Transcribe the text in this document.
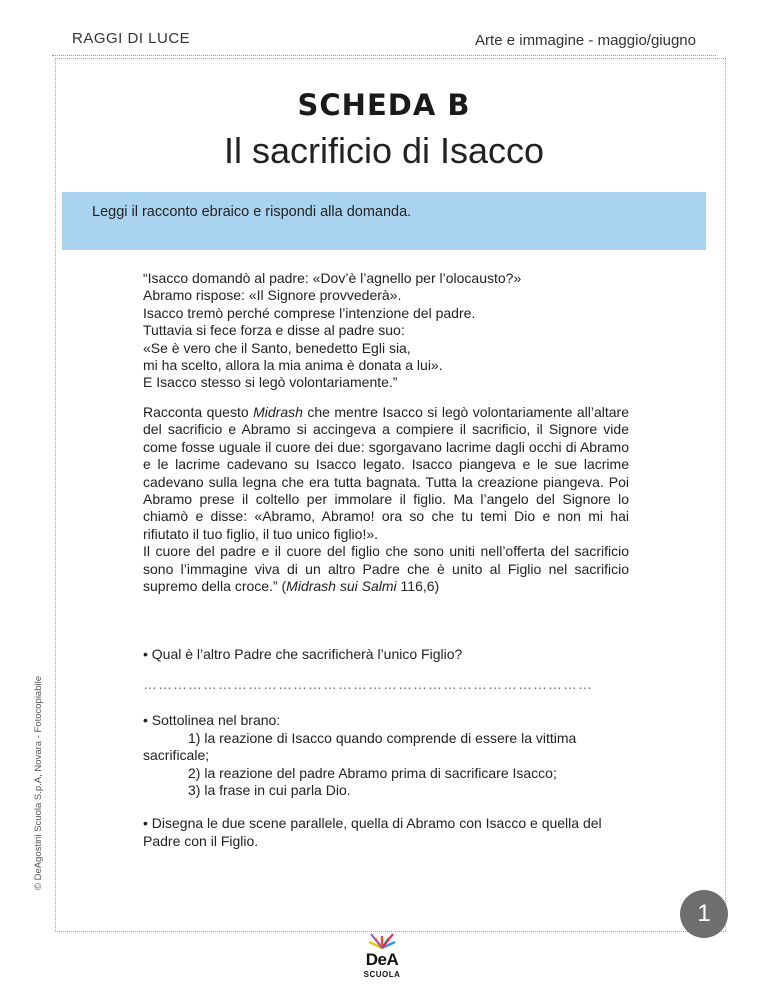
RAGGI DI LUCE	Arte e immagine - maggio/giugno
SCHEDA B
Il sacrificio di Isacco
Leggi il racconto ebraico e rispondi alla domanda.
“Isacco domandò al padre: «Dov’è l’agnello per l’olocausto?»
Abramo rispose: «Il Signore provvederà».
Isacco tremò perché comprese l’intenzione del padre.
Tuttavia si fece forza e disse al padre suo:
«Se è vero che il Santo, benedetto Egli sia,
mi ha scelto, allora la mia anima è donata a lui».
E Isacco stesso si legò volontariamente.”
Racconta questo Midrash che mentre Isacco si legò volontariamente all’altare del sacrificio e Abramo si accingeva a compiere il sacrificio, il Signore vide come fosse uguale il cuore dei due: sgorgavano lacrime dagli occhi di Abramo e le lacrime cadevano su Isacco legato. Isacco piangeva e le sue lacrime cadevano sulla legna che era tutta bagnata. Tutta la creazione piangeva. Poi Abramo prese il coltello per immolare il figlio. Ma l’angelo del Signore lo chiamò e disse: «Abramo, Abramo! ora so che tu temi Dio e non mi hai rifiutato il tuo figlio, il tuo unico figlio!».
Il cuore del padre e il cuore del figlio che sono uniti nell’offerta del sacrificio sono l’immagine viva di un altro Padre che è unito al Figlio nel sacrificio supremo della croce.” (Midrash sui Salmi 116,6)
• Qual è l’altro Padre che sacrificherà l’unico Figlio?
………………………………………………………………………………
• Sottolinea nel brano:
1) la reazione di Isacco quando comprende di essere la vittima
sacrificale;
2) la reazione del padre Abramo prima di sacrificare Isacco;
3) la frase in cui parla Dio.
• Disegna le due scene parallele, quella di Abramo con Isacco e quella del Padre con il Figlio.
© DeAgostini Scuola S.p.A, Novara - Fotocopiabile
1
DeA
SCUOLA
